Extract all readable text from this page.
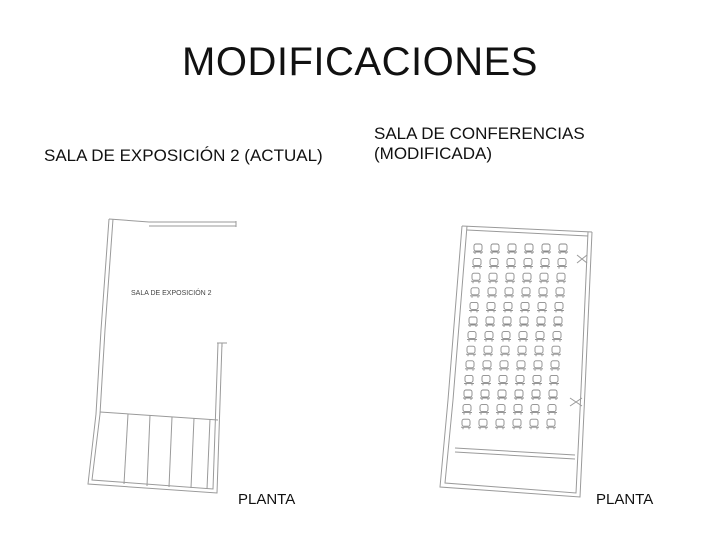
MODIFICACIONES
SALA DE EXPOSICIÓN 2 (ACTUAL)
SALA DE CONFERENCIAS
(MODIFICADA)
SALA DE EXPOSICIÓN 2
PLANTA	PLANTA
